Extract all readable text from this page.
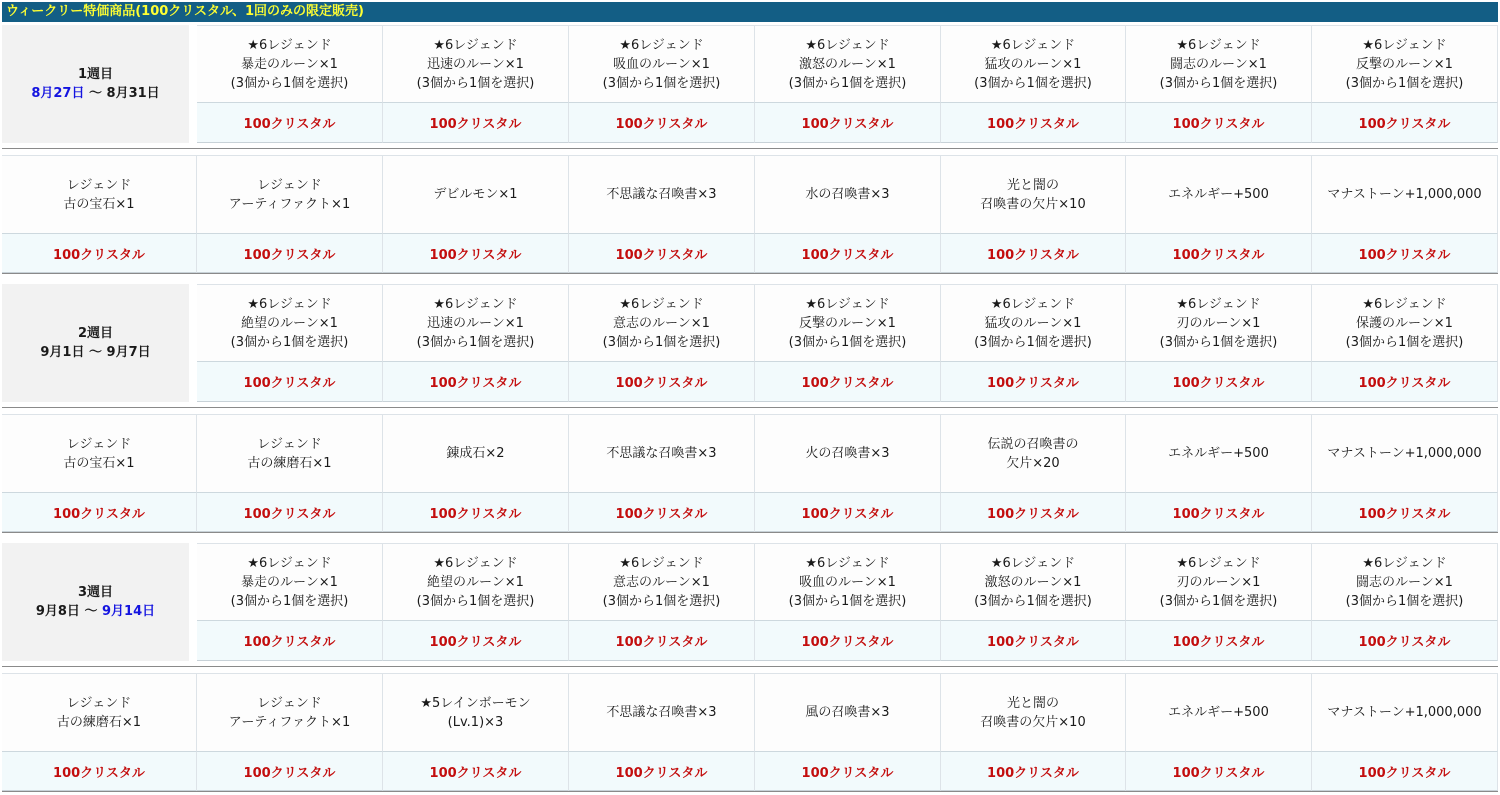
ウィークリー特価商品(100クリスタル、1回のみの限定販売)
1週目
8月27日 ～ 8月31日
★6レジェンド
暴走のルーン×1
(3個から1個を選択)
100クリスタル
★6レジェンド
迅速のルーン×1
(3個から1個を選択)
100クリスタル
★6レジェンド
吸血のルーン×1
(3個から1個を選択)
100クリスタル
★6レジェンド
激怒のルーン×1
(3個から1個を選択)
100クリスタル
★6レジェンド
猛攻のルーン×1
(3個から1個を選択)
100クリスタル
★6レジェンド
闘志のルーン×1
(3個から1個を選択)
100クリスタル
★6レジェンド
反撃のルーン×1
(3個から1個を選択)
100クリスタル
レジェンド
古の宝石×1
100クリスタル
レジェンド
アーティファクト×1
100クリスタル
デビルモン×1
100クリスタル
不思議な召喚書×3
100クリスタル
水の召喚書×3
100クリスタル
光と闇の
召喚書の欠片×10
100クリスタル
エネルギー+500
100クリスタル
マナストーン+1,000,000
100クリスタル
2週目
9月1日 ～ 9月7日
★6レジェンド
絶望のルーン×1
(3個から1個を選択)
100クリスタル
★6レジェンド
迅速のルーン×1
(3個から1個を選択)
100クリスタル
★6レジェンド
意志のルーン×1
(3個から1個を選択)
100クリスタル
★6レジェンド
反撃のルーン×1
(3個から1個を選択)
100クリスタル
★6レジェンド
猛攻のルーン×1
(3個から1個を選択)
100クリスタル
★6レジェンド
刃のルーン×1
(3個から1個を選択)
100クリスタル
★6レジェンド
保護のルーン×1
(3個から1個を選択)
100クリスタル
レジェンド
古の宝石×1
100クリスタル
レジェンド
古の練磨石×1
100クリスタル
錬成石×2
100クリスタル
不思議な召喚書×3
100クリスタル
火の召喚書×3
100クリスタル
伝説の召喚書の
欠片×20
100クリスタル
エネルギー+500
100クリスタル
マナストーン+1,000,000
100クリスタル
3週目
9月8日 ～ 9月14日
★6レジェンド
暴走のルーン×1
(3個から1個を選択)
100クリスタル
★6レジェンド
絶望のルーン×1
(3個から1個を選択)
100クリスタル
★6レジェンド
意志のルーン×1
(3個から1個を選択)
100クリスタル
★6レジェンド
吸血のルーン×1
(3個から1個を選択)
100クリスタル
★6レジェンド
激怒のルーン×1
(3個から1個を選択)
100クリスタル
★6レジェンド
刃のルーン×1
(3個から1個を選択)
100クリスタル
★6レジェンド
闘志のルーン×1
(3個から1個を選択)
100クリスタル
レジェンド
古の練磨石×1
100クリスタル
レジェンド
アーティファクト×1
100クリスタル
★5レインボーモン
(Lv.1)×3
100クリスタル
不思議な召喚書×3
100クリスタル
風の召喚書×3
100クリスタル
光と闇の
召喚書の欠片×10
100クリスタル
エネルギー+500
100クリスタル
マナストーン+1,000,000
100クリスタル
